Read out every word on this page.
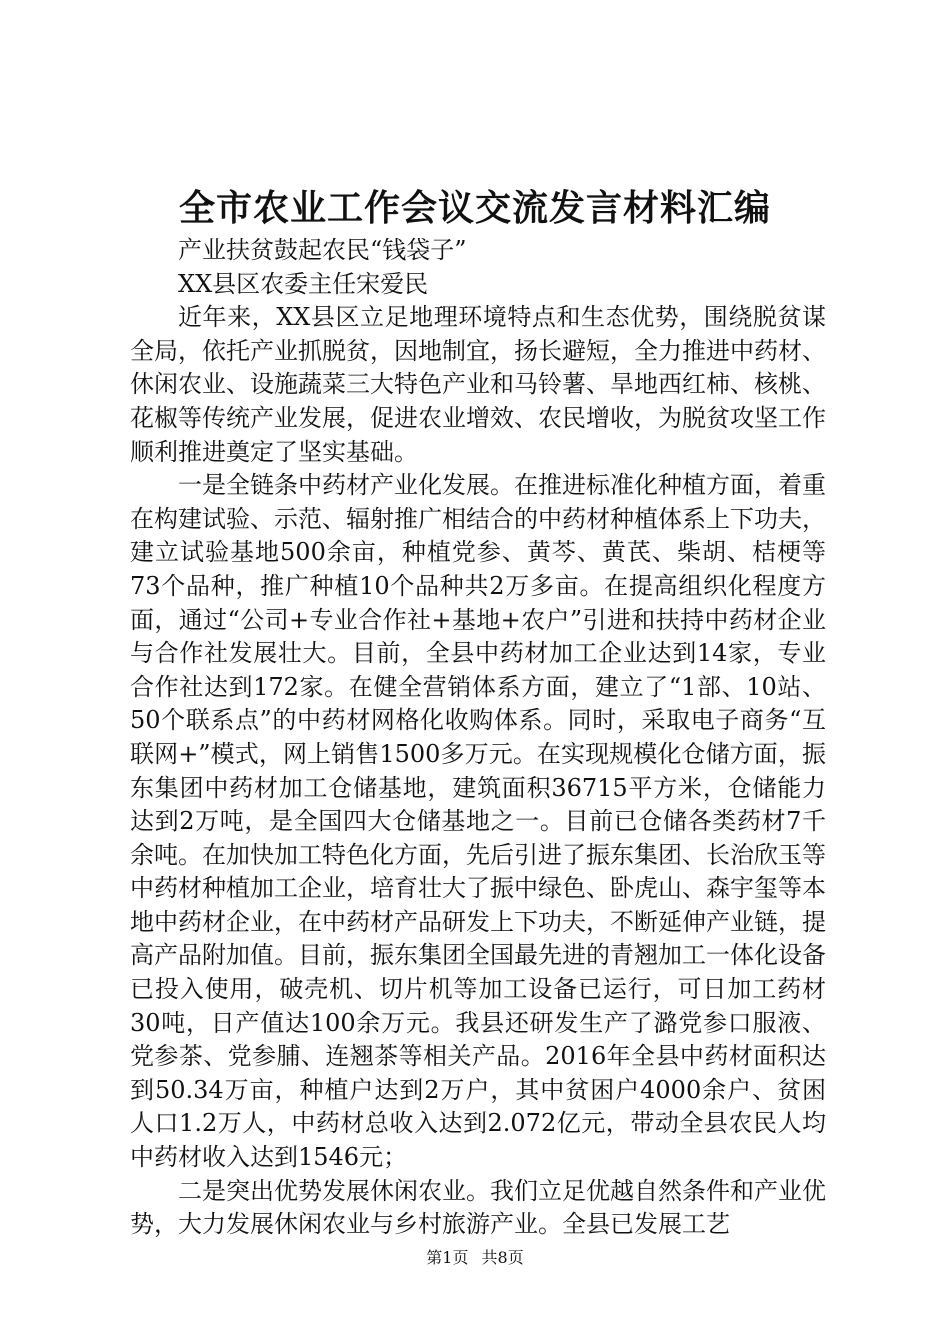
全市农业工作会议交流发言材料汇编

产业扶贫鼓起农民“钱袋子”

XX县区农委主任宋爱民

近年来，XX县区立足地理环境特点和生态优势，围绕脱贫谋全局，依托产业抓脱贫，因地制宜，扬长避短，全力推进中药材、休闲农业、设施蔬菜三大特色产业和马铃薯、旱地西红柿、核桃、花椒等传统产业发展，促进农业增效、农民增收，为脱贫攻坚工作顺利推进奠定了坚实基础。

一是全链条中药材产业化发展。在推进标准化种植方面，着重在构建试验、示范、辐射推广相结合的中药材种植体系上下功夫，建立试验基地500余亩，种植党参、黄芩、黄芪、柴胡、桔梗等73个品种，推广种植10个品种共2万多亩。在提高组织化程度方面，通过“公司+专业合作社+基地+农户”引进和扶持中药材企业与合作社发展壮大。目前，全县中药材加工企业达到14家，专业合作社达到172家。在健全营销体系方面，建立了“1部、10站、50个联系点”的中药材网格化收购体系。同时，采取电子商务“互联网+”模式，网上销售1500多万元。在实现规模化仓储方面，振东集团中药材加工仓储基地，建筑面积36715平方米，仓储能力达到2万吨，是全国四大仓储基地之一。目前已仓储各类药材7千余吨。在加快加工特色化方面，先后引进了振东集团、长治欣玉等中药材种植加工企业，培育壮大了振中绿色、卧虎山、森宇玺等本地中药材企业，在中药材产品研发上下功夫，不断延伸产业链，提高产品附加值。目前，振东集团全国最先进的青翘加工一体化设备已投入使用，破壳机、切片机等加工设备已运行，可日加工药材30吨，日产值达100余万元。我县还研发生产了潞党参口服液、党参茶、党参脯、连翘茶等相关产品。2016年全县中药材面积达到50.34万亩，种植户达到2万户，其中贫困户4000余户、贫困人口1.2万人，中药材总收入达到2.072亿元，带动全县农民人均中药材收入达到1546元；

二是突出优势发展休闲农业。我们立足优越自然条件和产业优势，大力发展休闲农业与乡村旅游产业。全县已发展工艺

第1页 共8页
